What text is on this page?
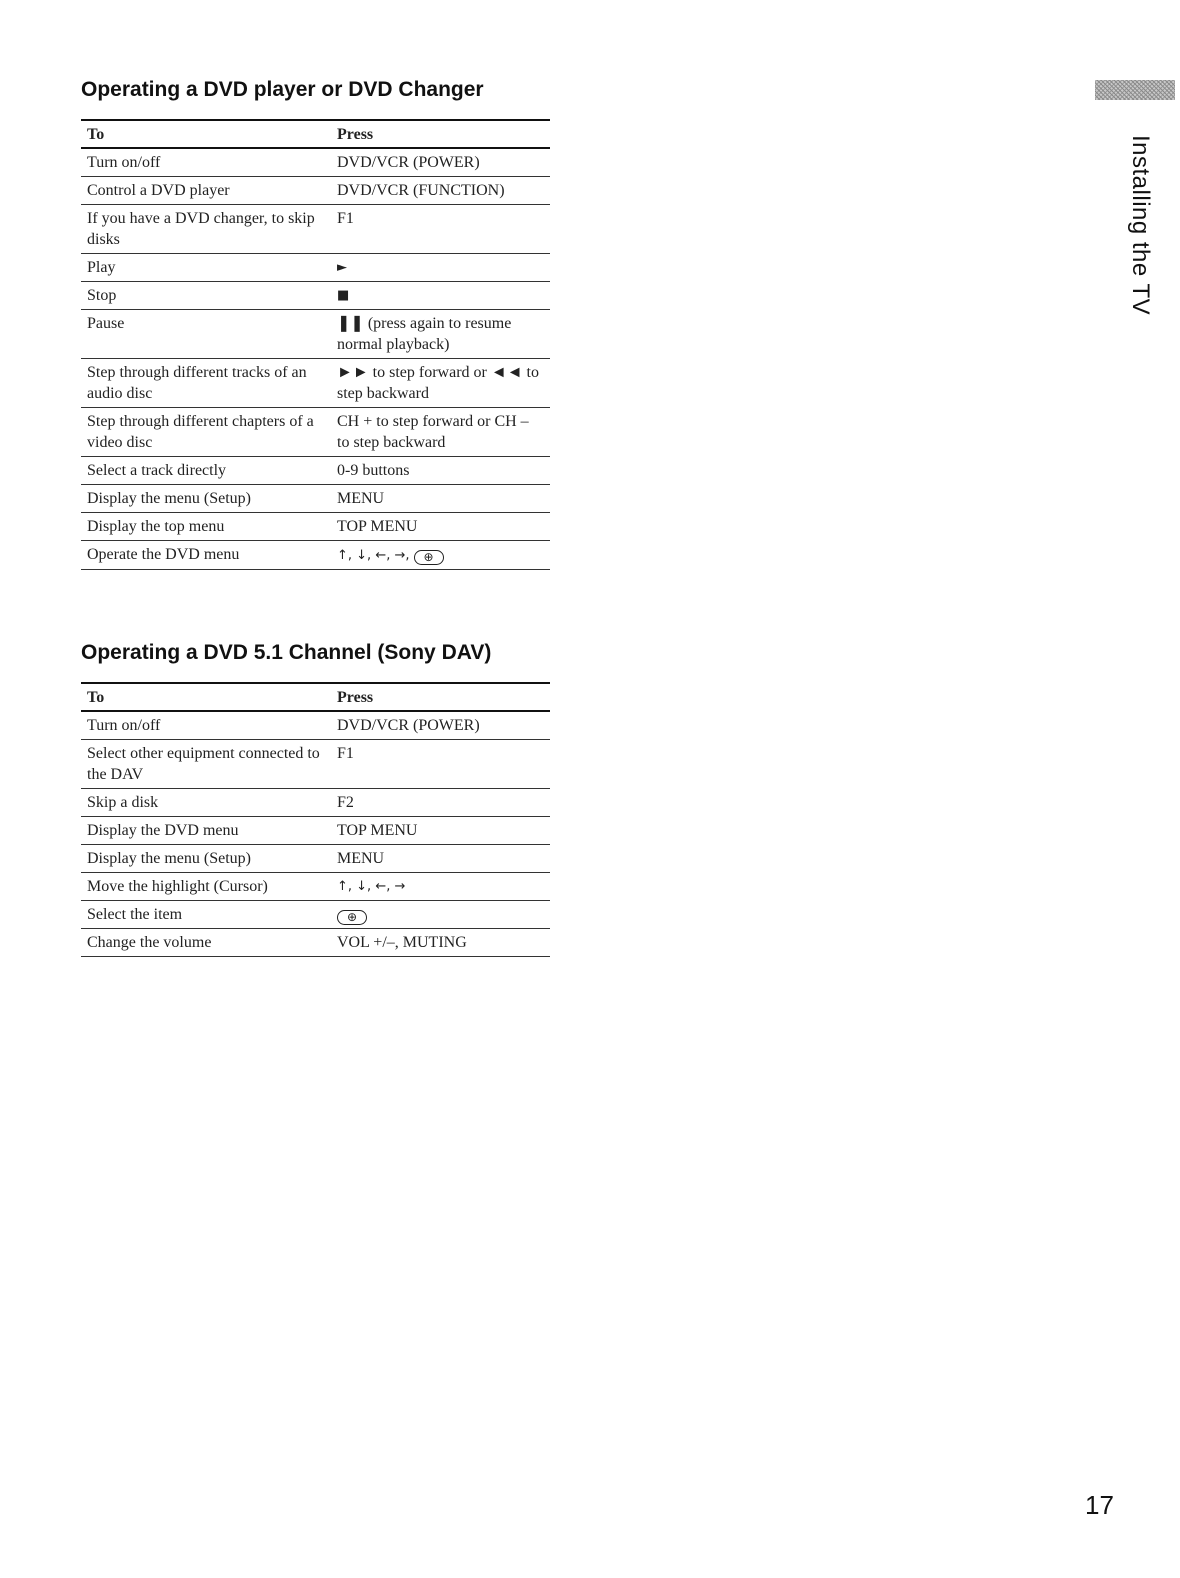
Operating a DVD player or DVD Changer
To	Press
Turn on/off	DVD/VCR (POWER)
Control a DVD player	DVD/VCR (FUNCTION)
If you have a DVD changer, to skip disks	F1
Play	►
Stop	■
Pause	❚❚ (press again to resume normal playback)
Step through different tracks of an audio disc	►► to step forward or ◄◄ to step backward
Step through different chapters of a video disc	CH + to step forward or CH – to step backward
Select a track directly	0-9 buttons
Display the menu (Setup)	MENU
Display the top menu	TOP MENU
Operate the DVD menu	↑, ↓, ←, →, ⊕
Operating a DVD 5.1 Channel (Sony DAV)
To	Press
Turn on/off	DVD/VCR (POWER)
Select other equipment connected to the DAV	F1
Skip a disk	F2
Display the DVD menu	TOP MENU
Display the menu (Setup)	MENU
Move the highlight (Cursor)	↑, ↓, ←, →
Select the item	⊕
Change the volume	VOL +/–, MUTING
Installing the TV
17
